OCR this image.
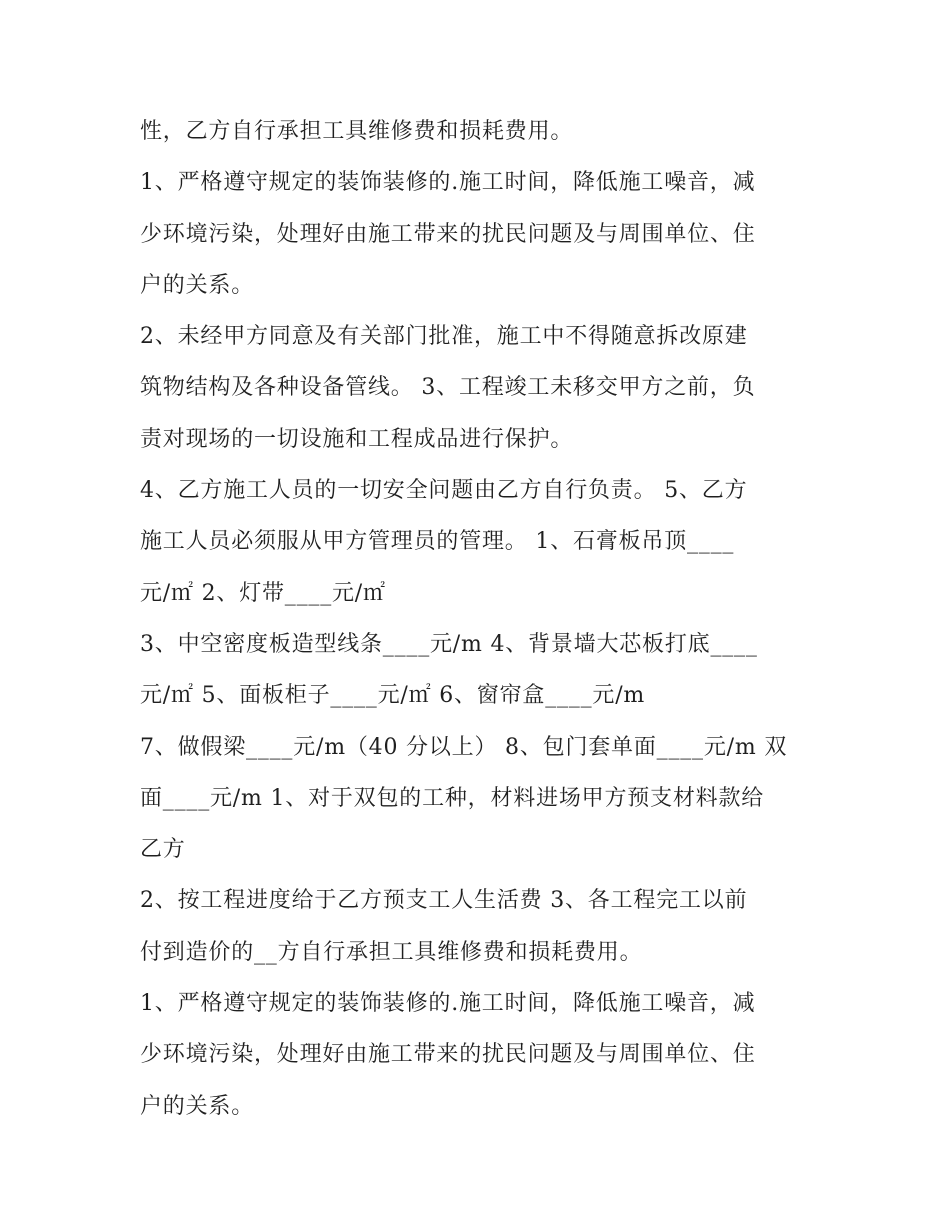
性，乙方自行承担工具维修费和损耗费用。
1、严格遵守规定的装饰装修的.施工时间，降低施工噪音，减
少环境污染，处理好由施工带来的扰民问题及与周围单位、住
户的关系。
2、未经甲方同意及有关部门批准，施工中不得随意拆改原建
筑物结构及各种设备管线。 3、工程竣工未移交甲方之前，负
责对现场的一切设施和工程成品进行保护。
4、乙方施工人员的一切安全问题由乙方自行负责。 5、乙方
施工人员必须服从甲方管理员的管理。 1、石膏板吊顶____
元/㎡ 2、灯带____元/㎡
3、中空密度板造型线条____元/m 4、背景墙大芯板打底____
元/㎡ 5、面板柜子____元/㎡ 6、窗帘盒____元/m
7、做假梁____元/m（40 分以上） 8、包门套单面____元/m 双
面____元/m 1、对于双包的工种，材料进场甲方预支材料款给
乙方
2、按工程进度给于乙方预支工人生活费 3、各工程完工以前
付到造价的__方自行承担工具维修费和损耗费用。
1、严格遵守规定的装饰装修的.施工时间，降低施工噪音，减
少环境污染，处理好由施工带来的扰民问题及与周围单位、住
户的关系。
